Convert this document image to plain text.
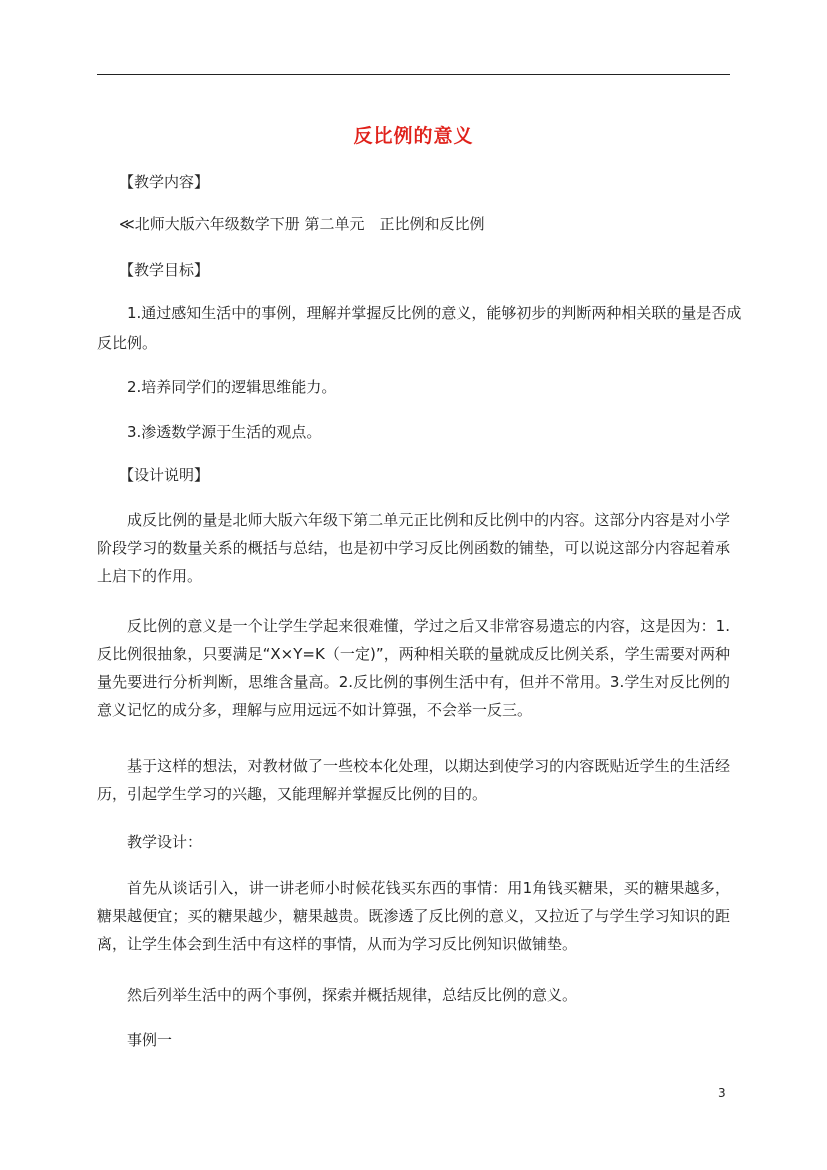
反比例的意义
【教学内容】
≪北师大版六年级数学下册 第二单元　正比例和反比例
【教学目标】
1.通过感知生活中的事例，理解并掌握反比例的意义，能够初步的判断两种相关联的量是否成
反比例。
2.培养同学们的逻辑思维能力。
3.渗透数学源于生活的观点。
【设计说明】

成反比例的量是北师大版六年级下第二单元正比例和反比例中的内容。这部分内容是对小学阶段学习的数量关系的概括与总结，也是初中学习反比例函数的铺垫，可以说这部分内容起着承上启下的作用。

反比例的意义是一个让学生学起来很难懂，学过之后又非常容易遗忘的内容，这是因为：1.反比例很抽象，只要满足“X×Y=K（一定)”，两种相关联的量就成反比例关系，学生需要对两种量先要进行分析判断，思维含量高。2.反比例的事例生活中有，但并不常用。3.学生对反比例的意义记忆的成分多，理解与应用远远不如计算强，不会举一反三。

基于这样的想法，对教材做了一些校本化处理，以期达到使学习的内容既贴近学生的生活经历，引起学生学习的兴趣，又能理解并掌握反比例的目的。

教学设计：

首先从谈话引入，讲一讲老师小时候花钱买东西的事情：用1角钱买糖果，买的糖果越多，糖果越便宜；买的糖果越少，糖果越贵。既渗透了反比例的意义，又拉近了与学生学习知识的距离，让学生体会到生活中有这样的事情，从而为学习反比例知识做铺垫。

然后列举生活中的两个事例，探索并概括规律，总结反比例的意义。
事例一
3
